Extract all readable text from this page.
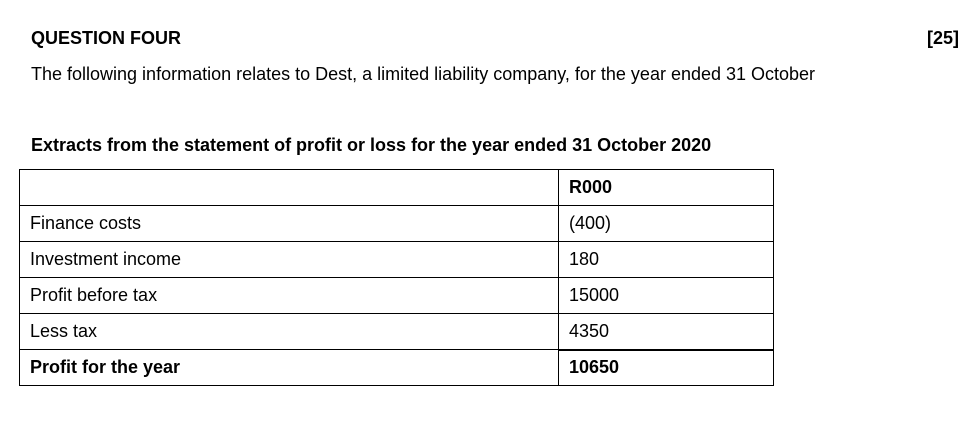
QUESTION FOUR	[25]
The following information relates to Dest, a limited liability company, for the year ended 31 October
Extracts from the statement of profit or loss for the year ended 31 October 2020
	R000
Finance costs	(400)
Investment income	180
Profit before tax	15000
Less tax	4350
Profit for the year	10650
